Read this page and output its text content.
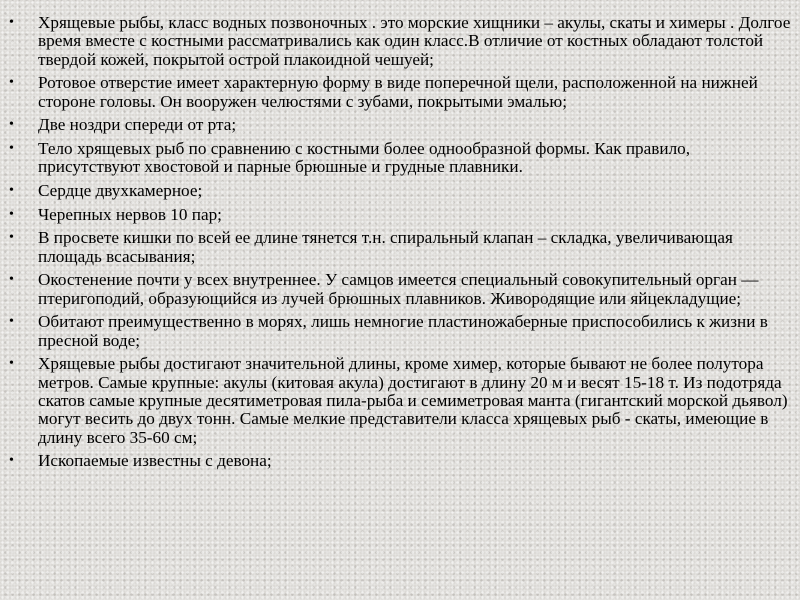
• Хрящевые рыбы, класс водных позвоночных . это морские хищники – акулы, скаты и химеры . Долгое время вместе с костными рассматривались как один класс.В отличие от костных обладают толстой твердой кожей, покрытой острой плакоидной чешуей;
• Ротовое отверстие имеет характерную форму в виде поперечной щели, расположенной на нижней стороне головы. Он вооружен челюстями с зубами, покрытыми эмалью;
• Две ноздри спереди от рта;
• Тело хрящевых рыб по сравнению с костными более однообразной формы. Как правило, присутствуют хвостовой и парные брюшные и грудные плавники.
• Сердце двухкамерное;
• Черепных нервов 10 пар;
• В просвете кишки по всей ее длине тянется т.н. спиральный клапан – складка, увеличивающая площадь всасывания;
• Окостенение почти у всех внутреннее. У самцов имеется специальный совокупительный орган — птеригоподий, образующийся из лучей брюшных плавников. Живородящие или яйцекладущие;
• Обитают преимущественно в морях, лишь немногие пластиножаберные приспособились к жизни в пресной воде;
• Хрящевые рыбы достигают значительной длины, кроме химер, которые бывают не более полутора метров. Самые крупные: акулы (китовая акула) достигают в длину 20 м и весят 15-18 т. Из подотряда скатов самые крупные десятиметровая пила-рыба и семиметровая манта (гигантский морской дьявол) могут весить до двух тонн. Самые мелкие представители класса хрящевых рыб - скаты, имеющие в длину всего 35-60 см;
• Ископаемые известны с девона;
